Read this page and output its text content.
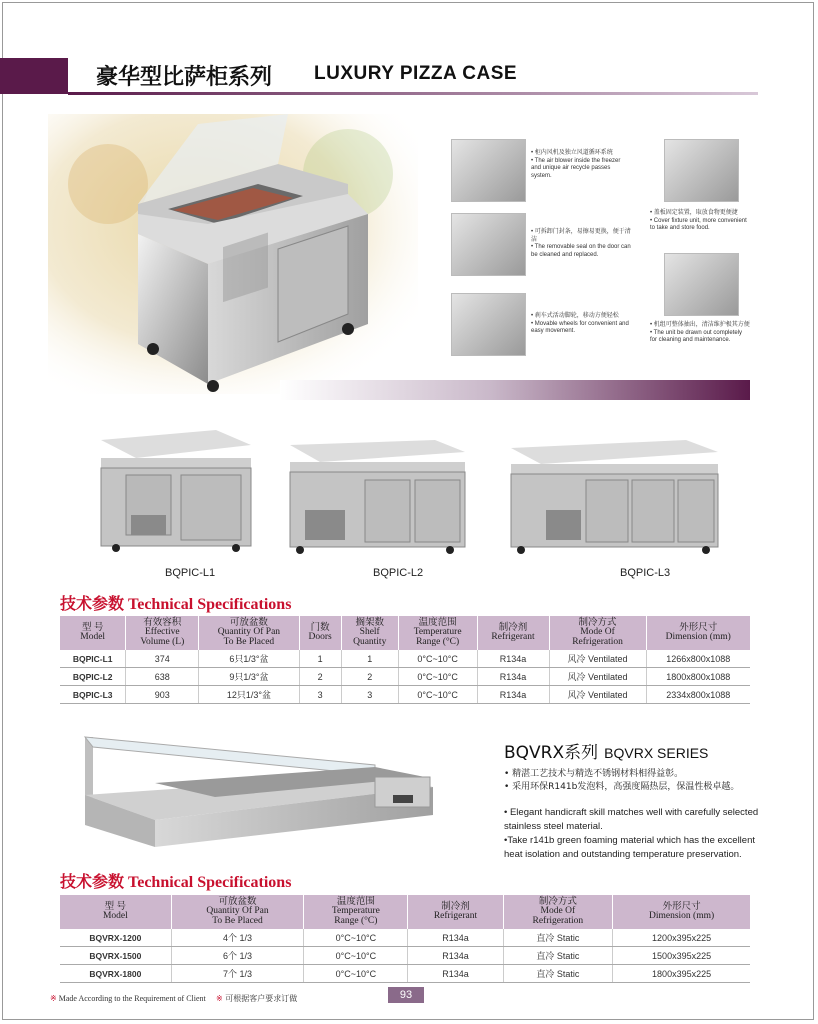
豪华型比萨柜系列 LUXURY PIZZA CASE
• 柜内风机及独立风道循环系统
• The air blower inside the freezer and unique air recycle passes system.
• 可拆卸门封条，易擦易更换，便于清洁
• The removable seal on the door can be cleaned and replaced.
• 刹车式活动脚轮，移动方便轻松
• Movable wheels for convenient and easy movement.
• 盖板固定装置，取放食物更便捷
• Cover fixture unit, more convenient to take and store food.
• 机组可整体抽出，清洁维护极其方便
• The unit be drawn out completely for cleaning and maintenance.
BQPIC-L1	BQPIC-L2	BQPIC-L3
技术参数 Technical Specifications
型 号
Model	有效容积
Effective
Volume (L)	可放盆数
Quantity Of Pan
To Be Placed	门数
Doors	搁架数
Shelf
Quantity	温度范围
Temperature
Range (°C)	制冷剂
Refrigerant	制冷方式
Mode Of
Refrigeration	外形尺寸
Dimension (mm)

BQPIC-L1	374	6只1/3°盆	1	1	0°C~10°C	R134a	风冷 Ventilated	1266x800x1088
BQPIC-L2	638	9只1/3°盆	2	2	0°C~10°C	R134a	风冷 Ventilated	1800x800x1088
BQPIC-L3	903	12只1/3°盆	3	3	0°C~10°C	R134a	风冷 Ventilated	2334x800x1088
BQVRX系列 BQVRX SERIES
• 精湛工艺技术与精选不锈钢材料相得益彰。
• 采用环保R141b发泡料，高强度隔热层，保温性极卓越。
• Elegant handicraft skill matches well with carefully selected stainless steel material.
•Take r141b green foaming material which has the excellent heat isolation and outstanding temperature preservation.
技术参数 Technical Specifications
型 号
Model	可放盆数
Quantity Of Pan
To Be Placed	温度范围
Temperature
Range (°C)	制冷剂
Refrigerant	制冷方式
Mode Of
Refrigeration	外形尺寸
Dimension (mm)

BQVRX-1200	4个 1/3	0°C~10°C	R134a	直冷 Static	1200x395x225
BQVRX-1500	6个 1/3	0°C~10°C	R134a	直冷 Static	1500x395x225
BQVRX-1800	7个 1/3	0°C~10°C	R134a	直冷 Static	1800x395x225
※ Made According to the Requirement of Client ※ 可根据客户要求订做	93
